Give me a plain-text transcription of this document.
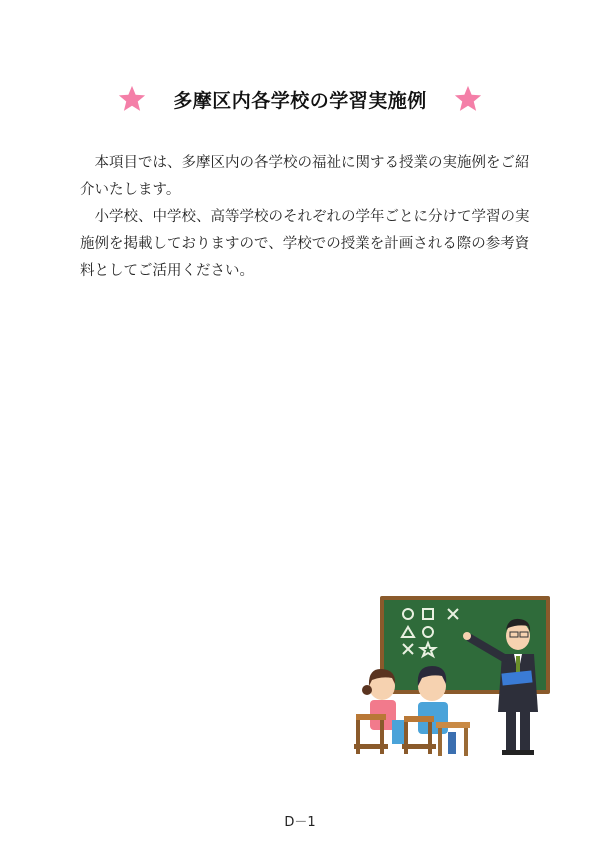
多摩区内各学校の学習実施例

本項目では、多摩区内の各学校の福祉に関する授業の実施例をご紹介いたします。

小学校、中学校、高等学校のそれぞれの学年ごとに分けて学習の実施例を掲載しておりますので、学校での授業を計画される際の参考資料としてご活用ください。

D－1
